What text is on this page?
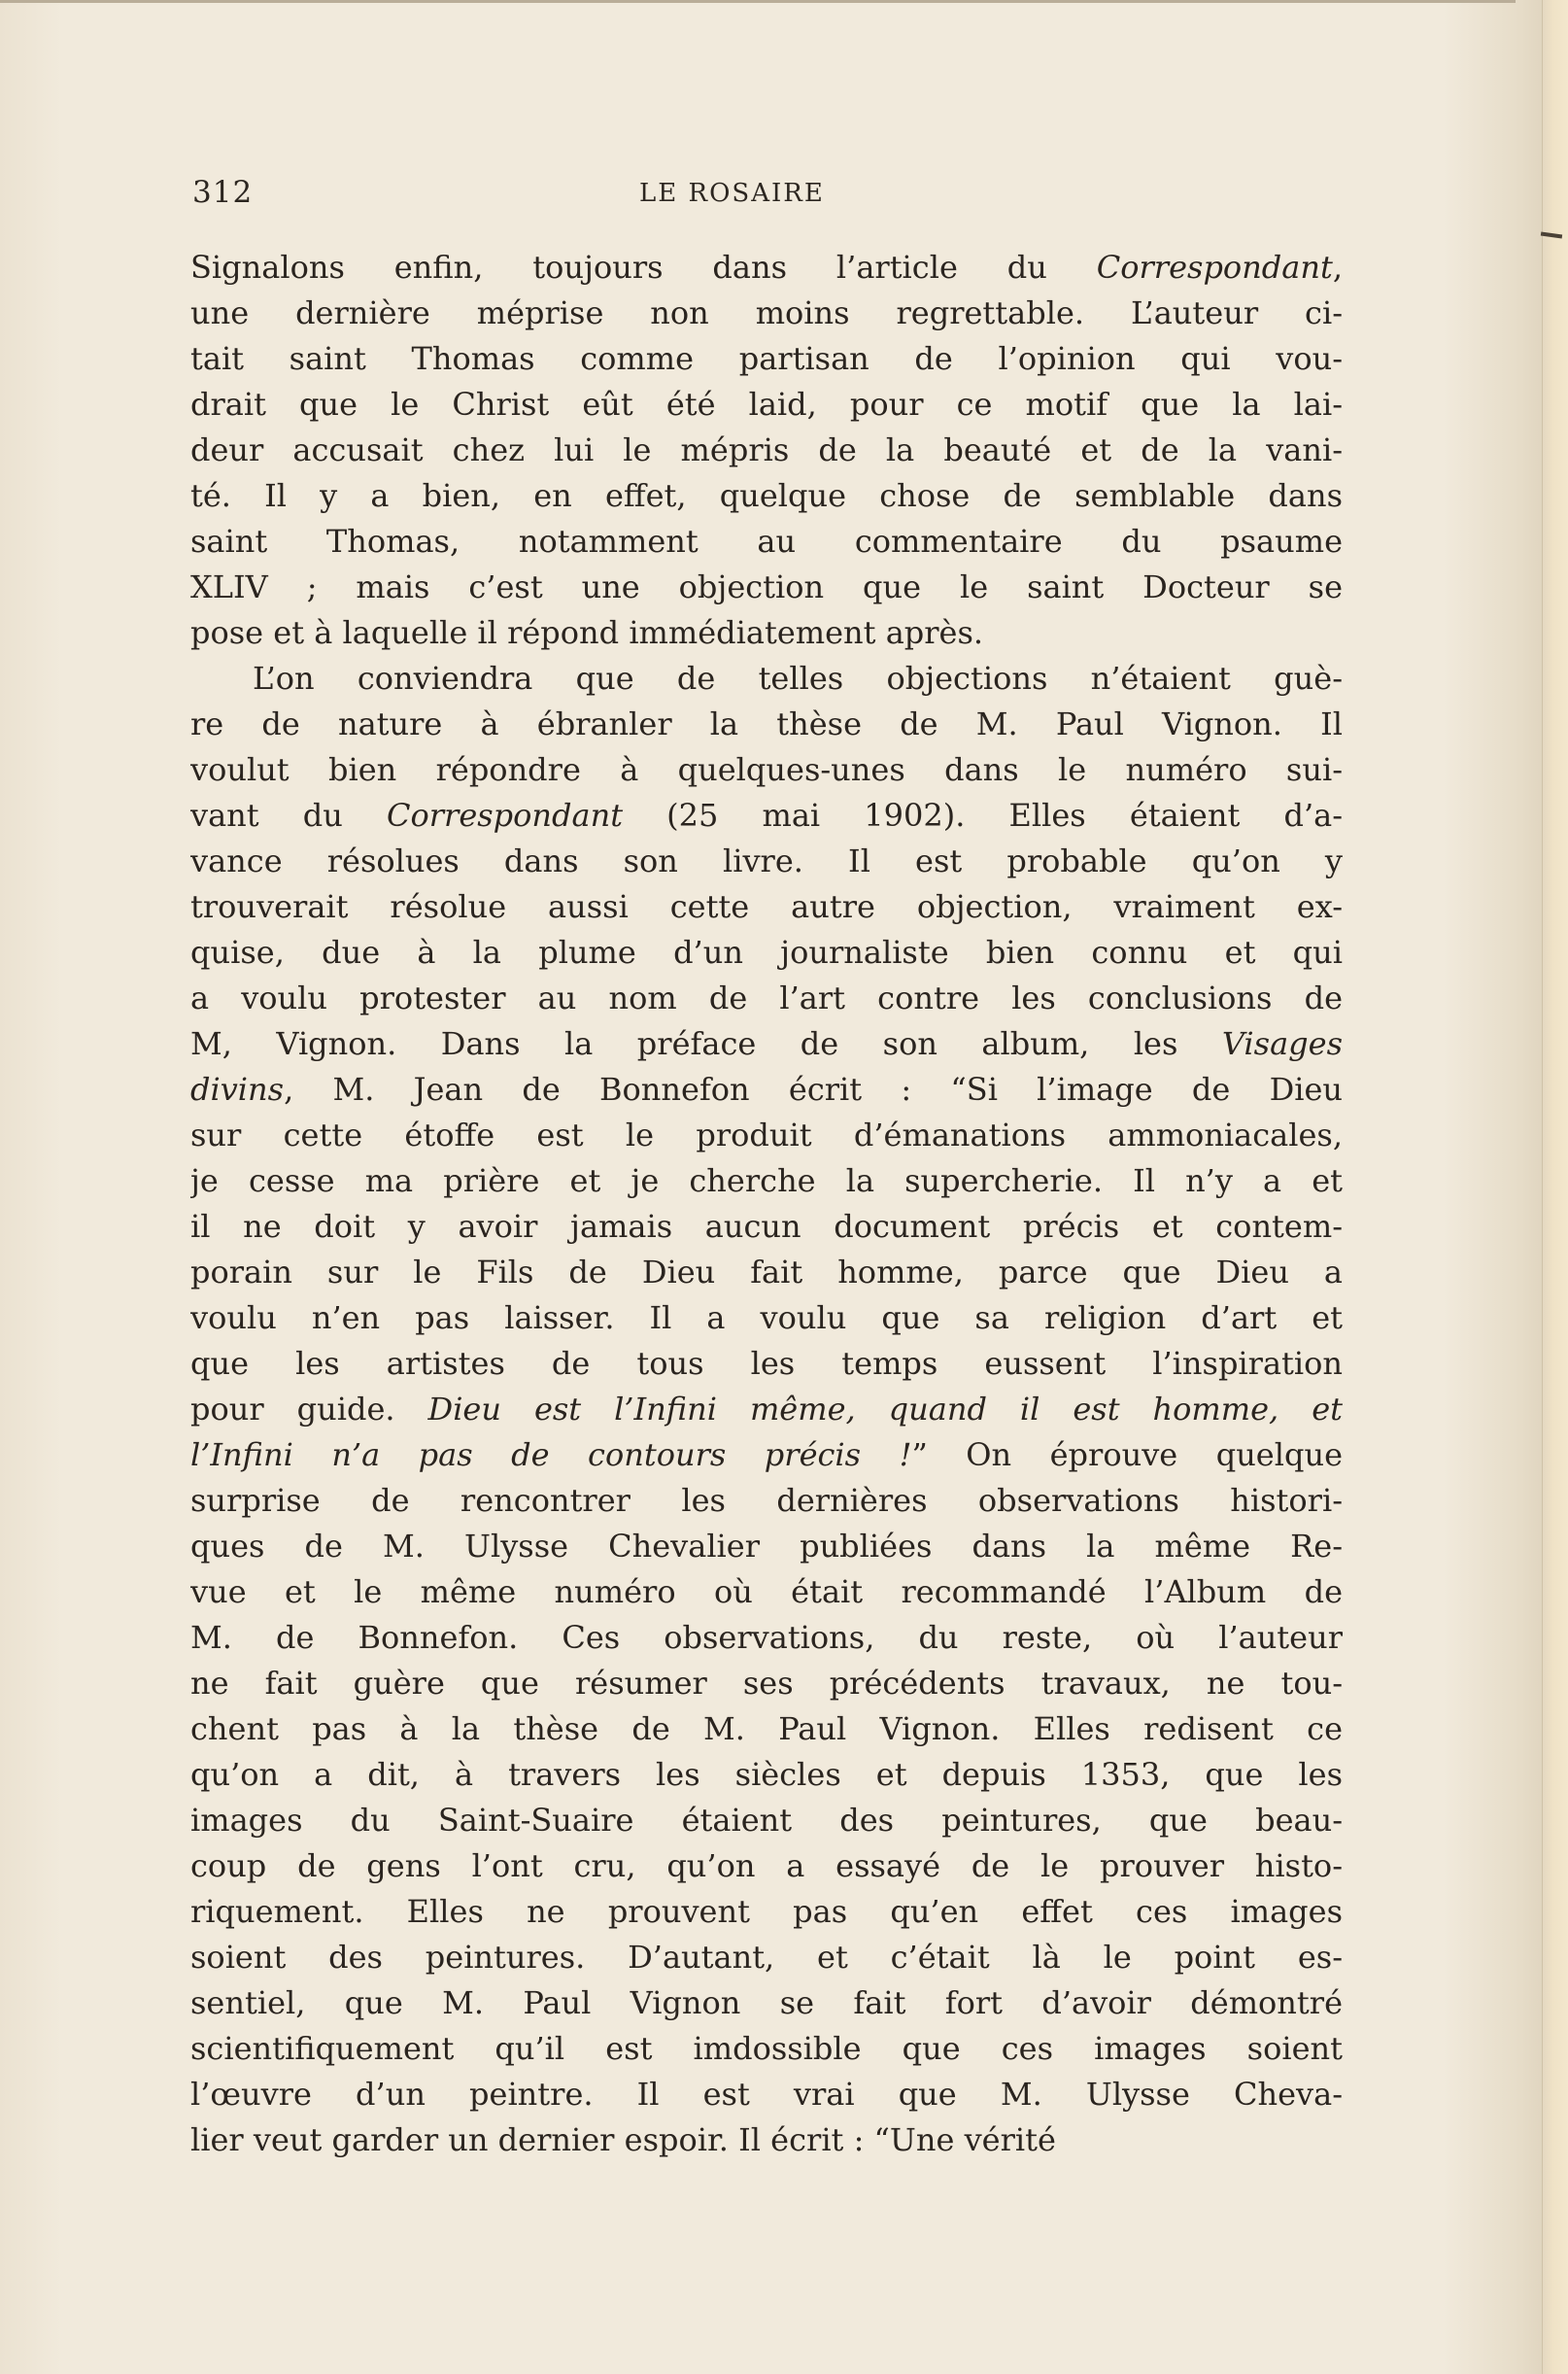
312	LE ROSAIRE
Signalons enfin, toujours dans l’article du Correspondant,
une dernière méprise non moins regrettable. L’auteur ci-
tait saint Thomas comme partisan de l’opinion qui vou-
drait que le Christ eût été laid, pour ce motif que la lai-
deur accusait chez lui le mépris de la beauté et de la vani-
té. Il y a bien, en effet, quelque chose de semblable dans
saint Thomas, notamment au commentaire du psaume
XLIV ; mais c’est une objection que le saint Docteur se
pose et à laquelle il répond immédiatement après.
L’on conviendra que de telles objections n’étaient guè-
re de nature à ébranler la thèse de M. Paul Vignon. Il
voulut bien répondre à quelques-unes dans le numéro sui-
vant du Correspondant (25 mai 1902). Elles étaient d’a-
vance résolues dans son livre. Il est probable qu’on y
trouverait résolue aussi cette autre objection, vraiment ex-
quise, due à la plume d’un journaliste bien connu et qui
a voulu protester au nom de l’art contre les conclusions de
M, Vignon. Dans la préface de son album, les Visages
divins, M. Jean de Bonnefon écrit : “Si l’image de Dieu
sur cette étoffe est le produit d’émanations ammoniacales,
je cesse ma prière et je cherche la supercherie. Il n’y a et
il ne doit y avoir jamais aucun document précis et contem-
porain sur le Fils de Dieu fait homme, parce que Dieu a
voulu n’en pas laisser. Il a voulu que sa religion d’art et
que les artistes de tous les temps eussent l’inspiration
pour guide. Dieu est l’Infini même, quand il est homme, et
l’Infini n’a pas de contours précis !” On éprouve quelque
surprise de rencontrer les dernières observations histori-
ques de M. Ulysse Chevalier publiées dans la même Re-
vue et le même numéro où était recommandé l’Album de
M. de Bonnefon. Ces observations, du reste, où l’auteur
ne fait guère que résumer ses précédents travaux, ne tou-
chent pas à la thèse de M. Paul Vignon. Elles redisent ce
qu’on a dit, à travers les siècles et depuis 1353, que les
images du Saint-Suaire étaient des peintures, que beau-
coup de gens l’ont cru, qu’on a essayé de le prouver histo-
riquement. Elles ne prouvent pas qu’en effet ces images
soient des peintures. D’autant, et c’était là le point es-
sentiel, que M. Paul Vignon se fait fort d’avoir démontré
scientifiquement qu’il est imdossible que ces images soient
l’œuvre d’un peintre. Il est vrai que M. Ulysse Cheva-
lier veut garder un dernier espoir. Il écrit : “Une vérité
